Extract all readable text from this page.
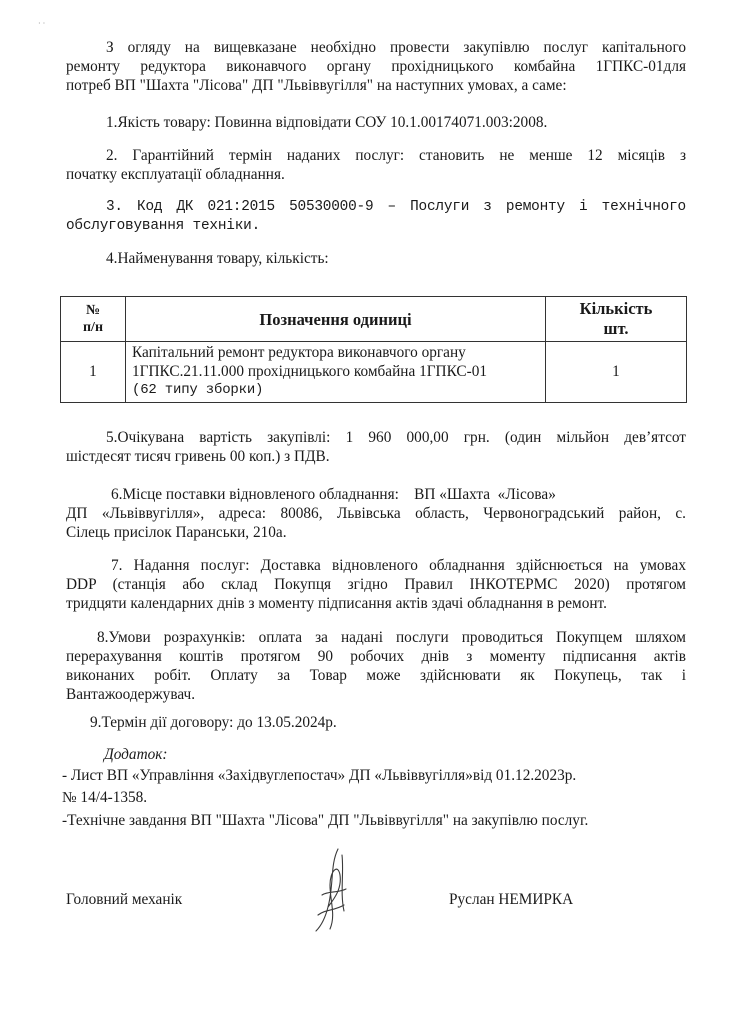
· ·
З огляду на вищевказане необхідно провести закупівлю послуг капітального
ремонту редуктора виконавчого органу прохідницького комбайна 1ГПКС-01для
потреб ВП "Шахта "Лісова" ДП "Львіввугілля" на наступних умовах, а саме:
1.Якість товару: Повинна відповідати СОУ 10.1.00174071.003:2008.
2. Гарантійний термін наданих послуг: становить не менше 12 місяців з
початку експлуатації обладнання.
3. Код ДК 021:2015 50530000-9 – Послуги з ремонту і технічного
обслуговування техніки.
4.Найменування товару, кількість:
№
п/н	Позначення одиниці	Кількість
шт.

1	Капітальний ремонт редуктора виконавчого органу
1ГПКС.21.11.000 прохідницького комбайна 1ГПКС-01
(62 типу зборки)	1
5.Очікувана вартість закупівлі: 1 960 000,00 грн. (один мільйон дев’ятсот
шістдесят тисяч гривень 00 коп.) з ПДВ.
6.Місце поставки відновленого обладнання:    ВП «Шахта  «Лісова»
ДП «Львіввугілля», адреса: 80086, Львівська область, Червоноградський район, с.
Сілець присілок Паранськи, 210а.
7. Надання послуг: Доставка відновленого обладнання здійснюється на умовах
DDP (станція або склад Покупця згідно Правил ІНКОТЕРМС 2020) протягом
тридцяти календарних днів з моменту підписання актів здачі обладнання в ремонт.
8.Умови розрахунків: оплата за надані послуги проводиться Покупцем шляхом
перерахування коштів протягом 90 робочих днів з моменту підписання актів
виконаних робіт. Оплату за Товар може здійснювати як Покупець, так і
Вантажоодержувач.
9.Термін дії договору: до 13.05.2024р.
Додаток:
- Лист ВП «Управління «Західвуглепостач» ДП «Львіввугілля»від 01.12.2023р.
№ 14/4-1358.
-Технічне завдання ВП "Шахта "Лісова" ДП "Львіввугілля" на закупівлю послуг.
Головний механік	Руслан НЕМИРКА
